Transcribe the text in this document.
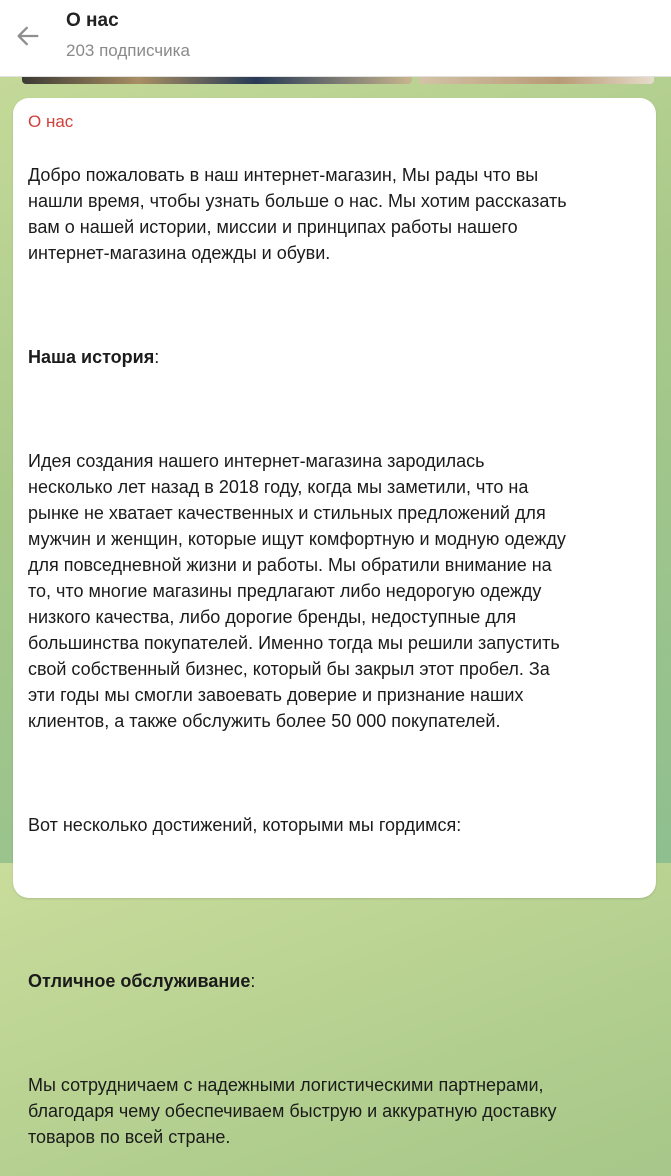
О нас
203 подписчика
О нас

Добро пожаловать в наш интернет-магазин, Мы рады что вы
нашли время, чтобы узнать больше о нас. Мы хотим рассказать
вам о нашей истории, миссии и принципах работы нашего
интернет-магазина одежды и обуви.

Наша история:

Идея создания нашего интернет-магазина зародилась
несколько лет назад в 2018 году, когда мы заметили, что на
рынке не хватает качественных и стильных предложений для
мужчин и женщин, которые ищут комфортную и модную одежду
для повседневной жизни и работы. Мы обратили внимание на
то, что многие магазины предлагают либо недорогую одежду
низкого качества, либо дорогие бренды, недоступные для
большинства покупателей. Именно тогда мы решили запустить
свой собственный бизнес, который бы закрыл этот пробел. За
эти годы мы смогли завоевать доверие и признание наших
клиентов, а также обслужить более 50 000 покупателей.

Вот несколько достижений, которыми мы гордимся:

Отличное обслуживание:

Мы сотрудничаем с надежными логистическими партнерами,
благодаря чему обеспечиваем быструю и аккуратную доставку
товаров по всей стране.
